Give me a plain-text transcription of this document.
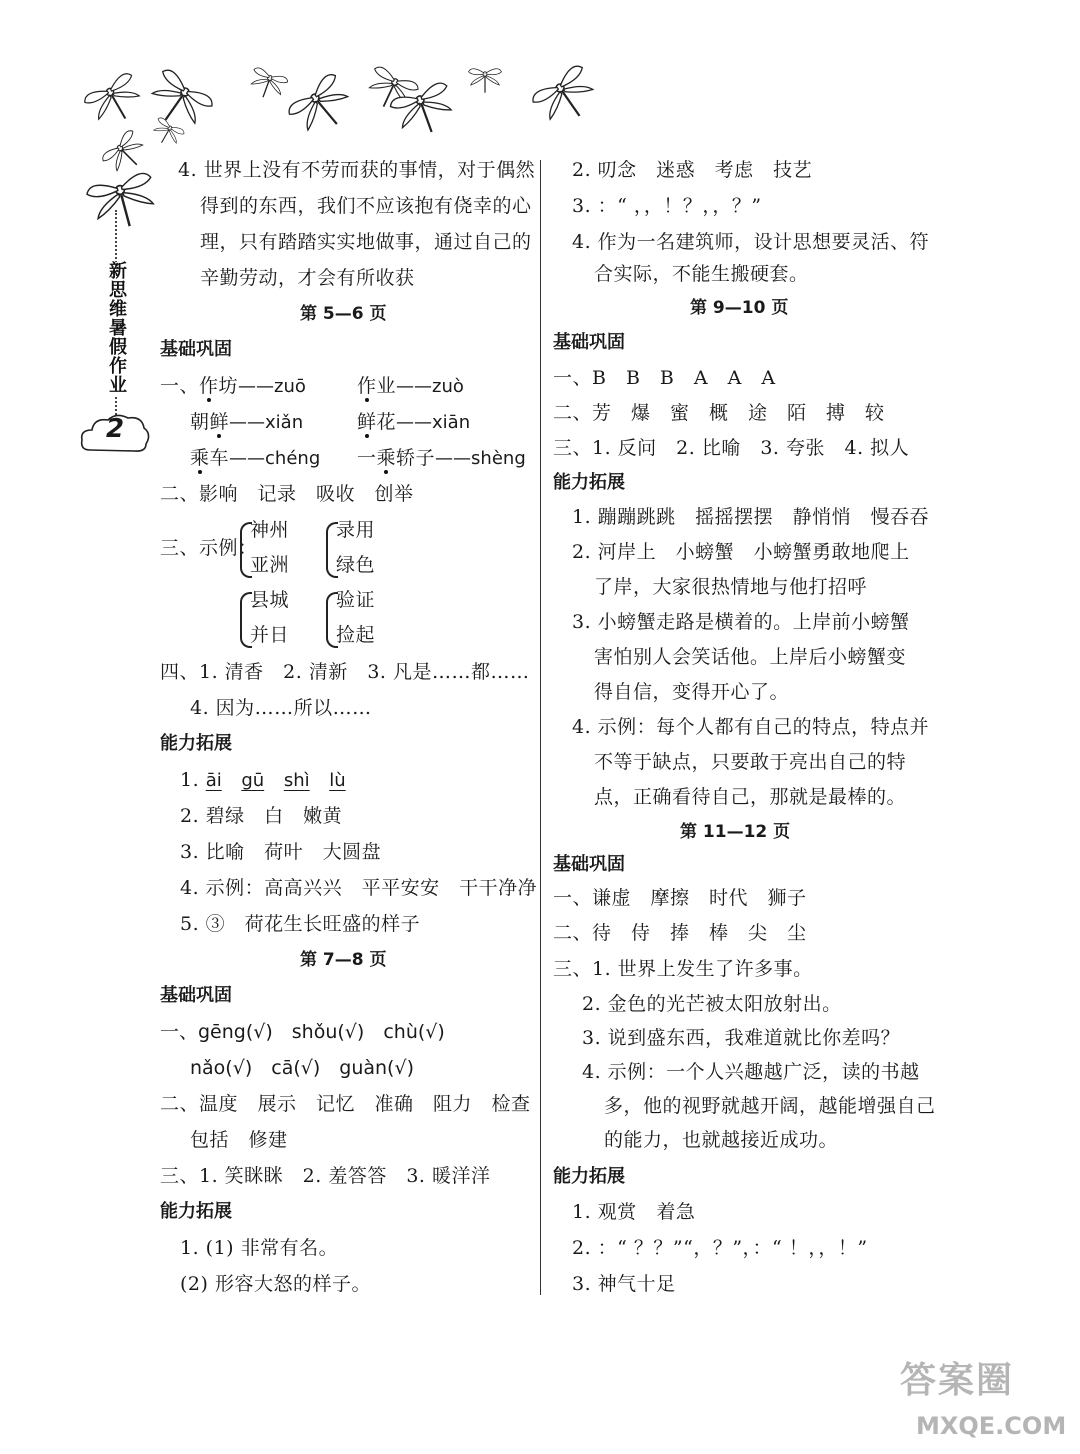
新思维暑假作业
2
4. 世界上没有不劳而获的事情，对于偶然
得到的东西，我们不应该抱有侥幸的心
理，只有踏踏实实地做事，通过自己的
辛勤劳动，才会有所收获
第 5—6 页
基础巩固
一、作坊——zuō	作业——zuò
朝鲜——xiǎn	鲜花——xiān
乘车——chéng 一乘轿子——shèng
二、影响　记录　吸收　创举
三、示例：
神州
亚洲
录用
绿色
县城
并日
验证
捡起
四、1. 清香　2. 清新　3. 凡是……都……
4. 因为……所以……
能力拓展
1. āi gū shì lù
2. 碧绿　白　嫩黄
3. 比喻　荷叶　大圆盘
4. 示例：高高兴兴　平平安安　干干净净
5. ③　荷花生长旺盛的样子
第 7—8 页
基础巩固
一、gēng(√)　shǒu(√)　chù(√)
nǎo(√)　cā(√)　guàn(√)
二、温度　展示　记忆　准确　阻力　检查
包括　修建
三、1. 笑眯眯　2. 羞答答　3. 暖洋洋
能力拓展
1. (1) 非常有名。
(2) 形容大怒的样子。
2. 叨念　迷惑　考虑　技艺
3. ：“ ，，！？，，？”
4. 作为一名建筑师，设计思想要灵活、符
合实际，不能生搬硬套。
第 9—10 页
基础巩固
一、B　B　B　A　A　A
二、芳　爆　蜜　概　途　陌　搏　较
三、1. 反问　2. 比喻　3. 夸张　4. 拟人
能力拓展
1. 蹦蹦跳跳　摇摇摆摆　静悄悄　慢吞吞
2. 河岸上　小螃蟹　小螃蟹勇敢地爬上
了岸，大家很热情地与他打招呼
3. 小螃蟹走路是横着的。上岸前小螃蟹
害怕别人会笑话他。上岸后小螃蟹变
得自信，变得开心了。
4. 示例：每个人都有自己的特点，特点并
不等于缺点，只要敢于亮出自己的特
点，正确看待自己，那就是最棒的。
第 11—12 页
基础巩固
一、谦虚　摩擦　时代　狮子
二、待　侍　捧　棒　尖　尘
三、1. 世界上发生了许多事。
2. 金色的光芒被太阳放射出。
3. 说到盛东西，我难道就比你差吗？
4. 示例：一个人兴趣越广泛，读的书越
多，他的视野就越开阔，越能增强自己
的能力，也就越接近成功。
能力拓展
1. 观赏 着急
2. ：“ ？？”“，？”，：“ ！，，！”
3. 神气十足
答案圈
MXQE.COM
